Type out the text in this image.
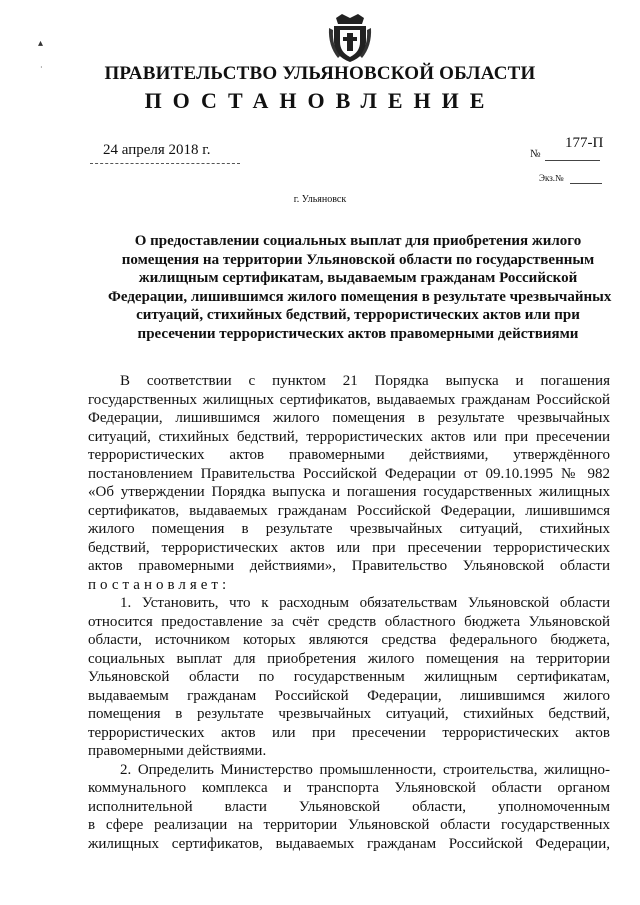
▴
·	ПРАВИТЕЛЬСТВО УЛЬЯНОВСКОЙ ОБЛАСТИ
ПОСТАНОВЛЕНИЕ
24 апреля 2018 г.	177-П
№
Экз.№
г. Ульяновск
О предоставлении социальных выплат для приобретения жилого
помещения на территории Ульяновской области по государственным
жилищным сертификатам, выдаваемым гражданам Российской
Федерации, лишившимся жилого помещения в результате чрезвычайных
ситуаций, стихийных бедствий, террористических актов или при
пресечении террористических актов правомерными действиями
В соответствии с пунктом 21 Порядка выпуска и погашения
государственных жилищных сертификатов, выдаваемых гражданам Российской
Федерации, лишившимся жилого помещения в результате чрезвычайных
ситуаций, стихийных бедствий, террористических актов или при пресечении
террористических актов правомерными действиями, утверждённого
постановлением Правительства Российской Федерации от 09.10.1995 № 982
«Об утверждении Порядка выпуска и погашения государственных жилищных
сертификатов, выдаваемых гражданам Российской Федерации, лишившимся
жилого помещения в результате чрезвычайных ситуаций, стихийных
бедствий, террористических актов или при пресечении террористических
актов правомерными действиями», Правительство Ульяновской области
постановляет:
1. Установить, что к расходным обязательствам Ульяновской области
относится предоставление за счёт средств областного бюджета Ульяновской
области, источником которых являются средства федерального бюджета,
социальных выплат для приобретения жилого помещения на территории
Ульяновской области по государственным жилищным сертификатам,
выдаваемым гражданам Российской Федерации, лишившимся жилого
помещения в результате чрезвычайных ситуаций, стихийных бедствий,
террористических актов или при пресечении террористических актов
правомерными действиями.
2. Определить Министерство промышленности, строительства, жилищно-
коммунального комплекса и транспорта Ульяновской области органом
исполнительной власти Ульяновской области, уполномоченным
в сфере реализации на территории Ульяновской области государственных
жилищных сертификатов, выдаваемых гражданам Российской Федерации,
